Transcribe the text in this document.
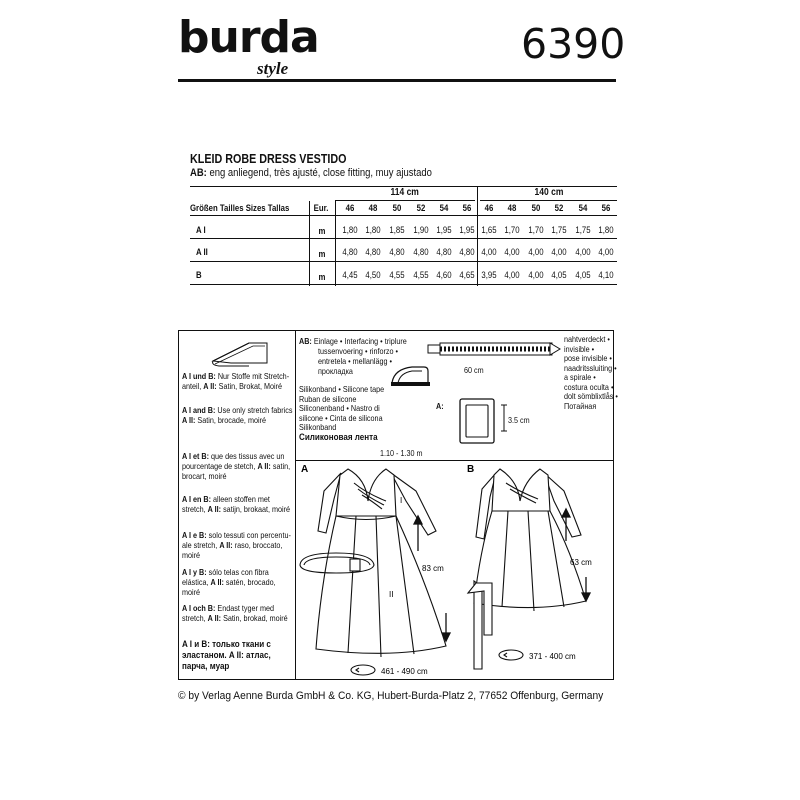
burda
style
6390
KLEID ROBE DRESS VESTIDO
AB: eng anliegend, très ajusté, close fitting, muy ajustado
114 cm	140 cm
Größen Tailles Sizes Tallas	Eur.	46	48	50	52	54	56	46	48	50	52	54	56
A I	m	1,80 1,80 1,85 1,90 1,95 1,95 1,65 1,70 1,70 1,75 1,75 1,80
A II	m	4,80 4,80 4,80 4,80 4,80 4,80 4,00 4,00 4,00 4,00 4,00 4,00
B	m	4,45 4,50 4,55 4,55 4,60 4,65 3,95 4,00 4,00 4,05 4,05 4,10
A I und B: Nur Stoffe mit Stretch-anteil, A II: Satin, Brokat, Moiré
A I and B: Use only stretch fabrics A II: Satin, brocade, moiré
A I et B: que des tissus avec un pourcentage de stetch, A II: satin, brocart, moiré
A I en B: alleen stoffen met stretch, A II: satijn, brokaat, moiré
A I e B: solo tessuti con percentu-ale stretch, A II: raso, broccato, moiré
A I y B: sólo telas con fibra elástica, A II: satén, brocado, moiré
A I och B: Endast tyger med stretch, A II: Satin, brokad, moiré
A I и B: только ткани с эластаном. A II: атлас, парча, муар
AB: Einlage • Interfacing • triplure
tussenvoering • rinforzo •
entretela • mellanlägg •
прокладка	60 cm
nahtverdeckt •
invisible •
pose invisible •
naadritssluiting •
a spirale •
costura oculta •
dolt sömblixtlås •
Потайная
Silikonband • Silicone tape
Ruban de silicone
Siliconenband • Nastro di
silicone • Cinta de silicona
Silikonband
Силиконовая лента
1.10 - 1.30 m
A:
3.5 cm
A
I
II
83 cm
461 - 490 cm
B
63 cm
371 - 400 cm
© by Verlag Aenne Burda GmbH & Co. KG, Hubert-Burda-Platz 2, 77652 Offenburg, Germany
